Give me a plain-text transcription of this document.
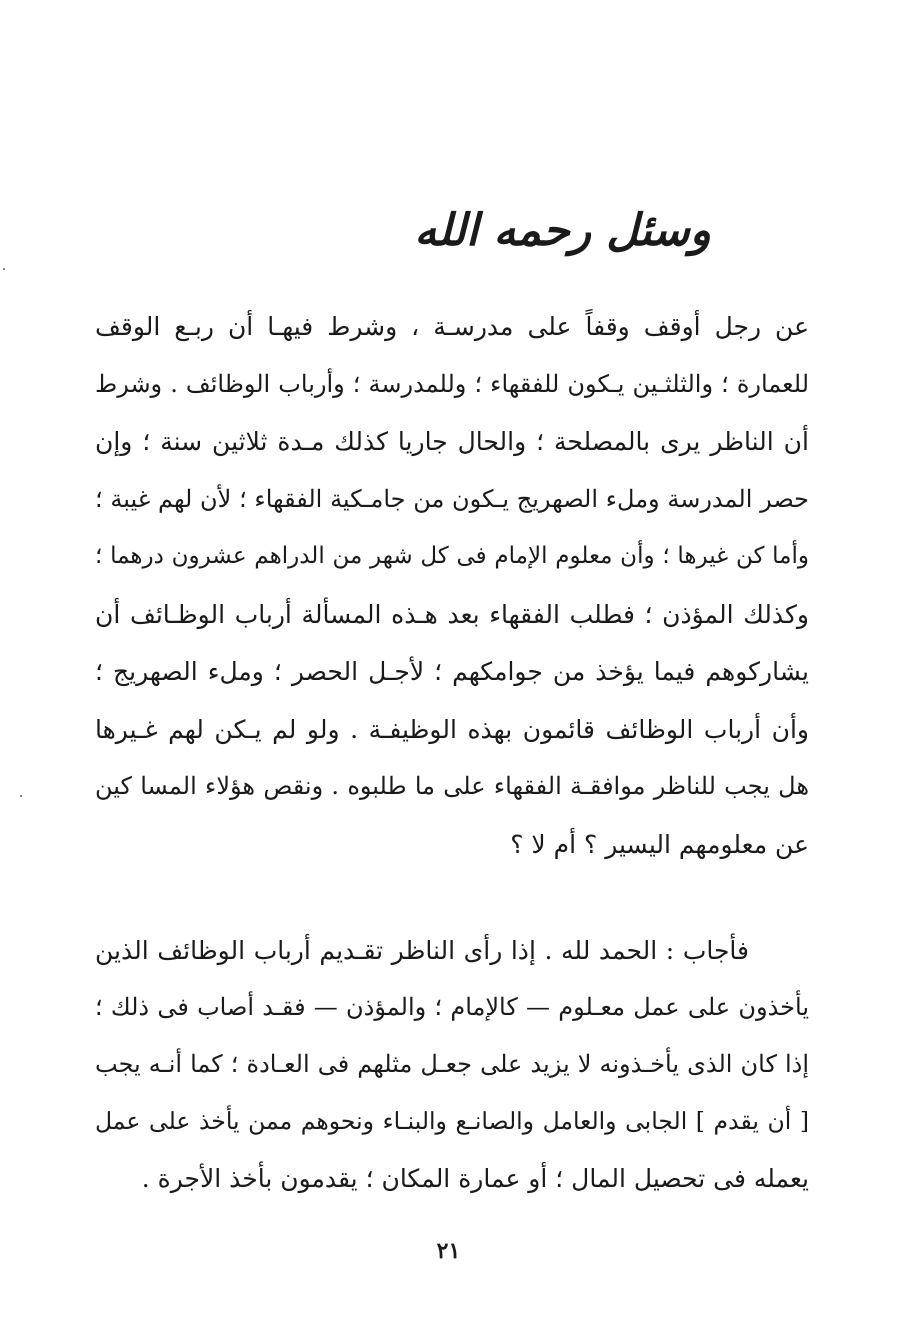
وسئل رحمه الله
عن رجل أوقف وقفاً على مدرسـة ، وشرط فيهـا أن ربـع الوقف
للعمارة ؛ والثلثـين يـكون للفقهاء ؛ وللمدرسة ؛ وأرباب الوظائف . وشرط
أن الناظر يرى بالمصلحة ؛ والحال جاريا كذلك مـدة ثلاثين سنة ؛ وإن
حصر المدرسة وملء الصهريج يـكون من جامـكية الفقهاء ؛ لأن لهم غيبة ؛
وأما كن غيرها ؛ وأن معلوم الإمام فى كل شهر من الدراهم عشرون درهما ؛
وكذلك المؤذن ؛ فطلب الفقهاء بعد هـذه المسألة أرباب الوظـائف أن
يشاركوهم فيما يؤخذ من جوامكهم ؛ لأجـل الحصر ؛ وملء الصهريج ؛
وأن أرباب الوظائف قائمون بهذه الوظيفـة . ولو لم يـكن لهم غـيرها
هل يجب للناظر موافقـة الفقهاء على ما طلبوه . ونقص هؤلاء المسا كين
عن معلومهم اليسير ؟ أم لا ؟
فأجاب : الحمد لله . إذا رأى الناظر تقـديم أرباب الوظائف الذين
يأخذون على عمل معـلوم — كالإمام ؛ والمؤذن — فقـد أصاب فى ذلك ؛
إذا كان الذى يأخـذونه لا يزيد على جعـل مثلهم فى العـادة ؛ كما أنـه يجب
[ أن يقدم ] الجابى والعامل والصانـع والبنـاء ونحوهم ممن يأخذ على عمل
يعمله فى تحصيل المال ؛ أو عمارة المكان ؛ يقدمون بأخذ الأجرة .

٢١
